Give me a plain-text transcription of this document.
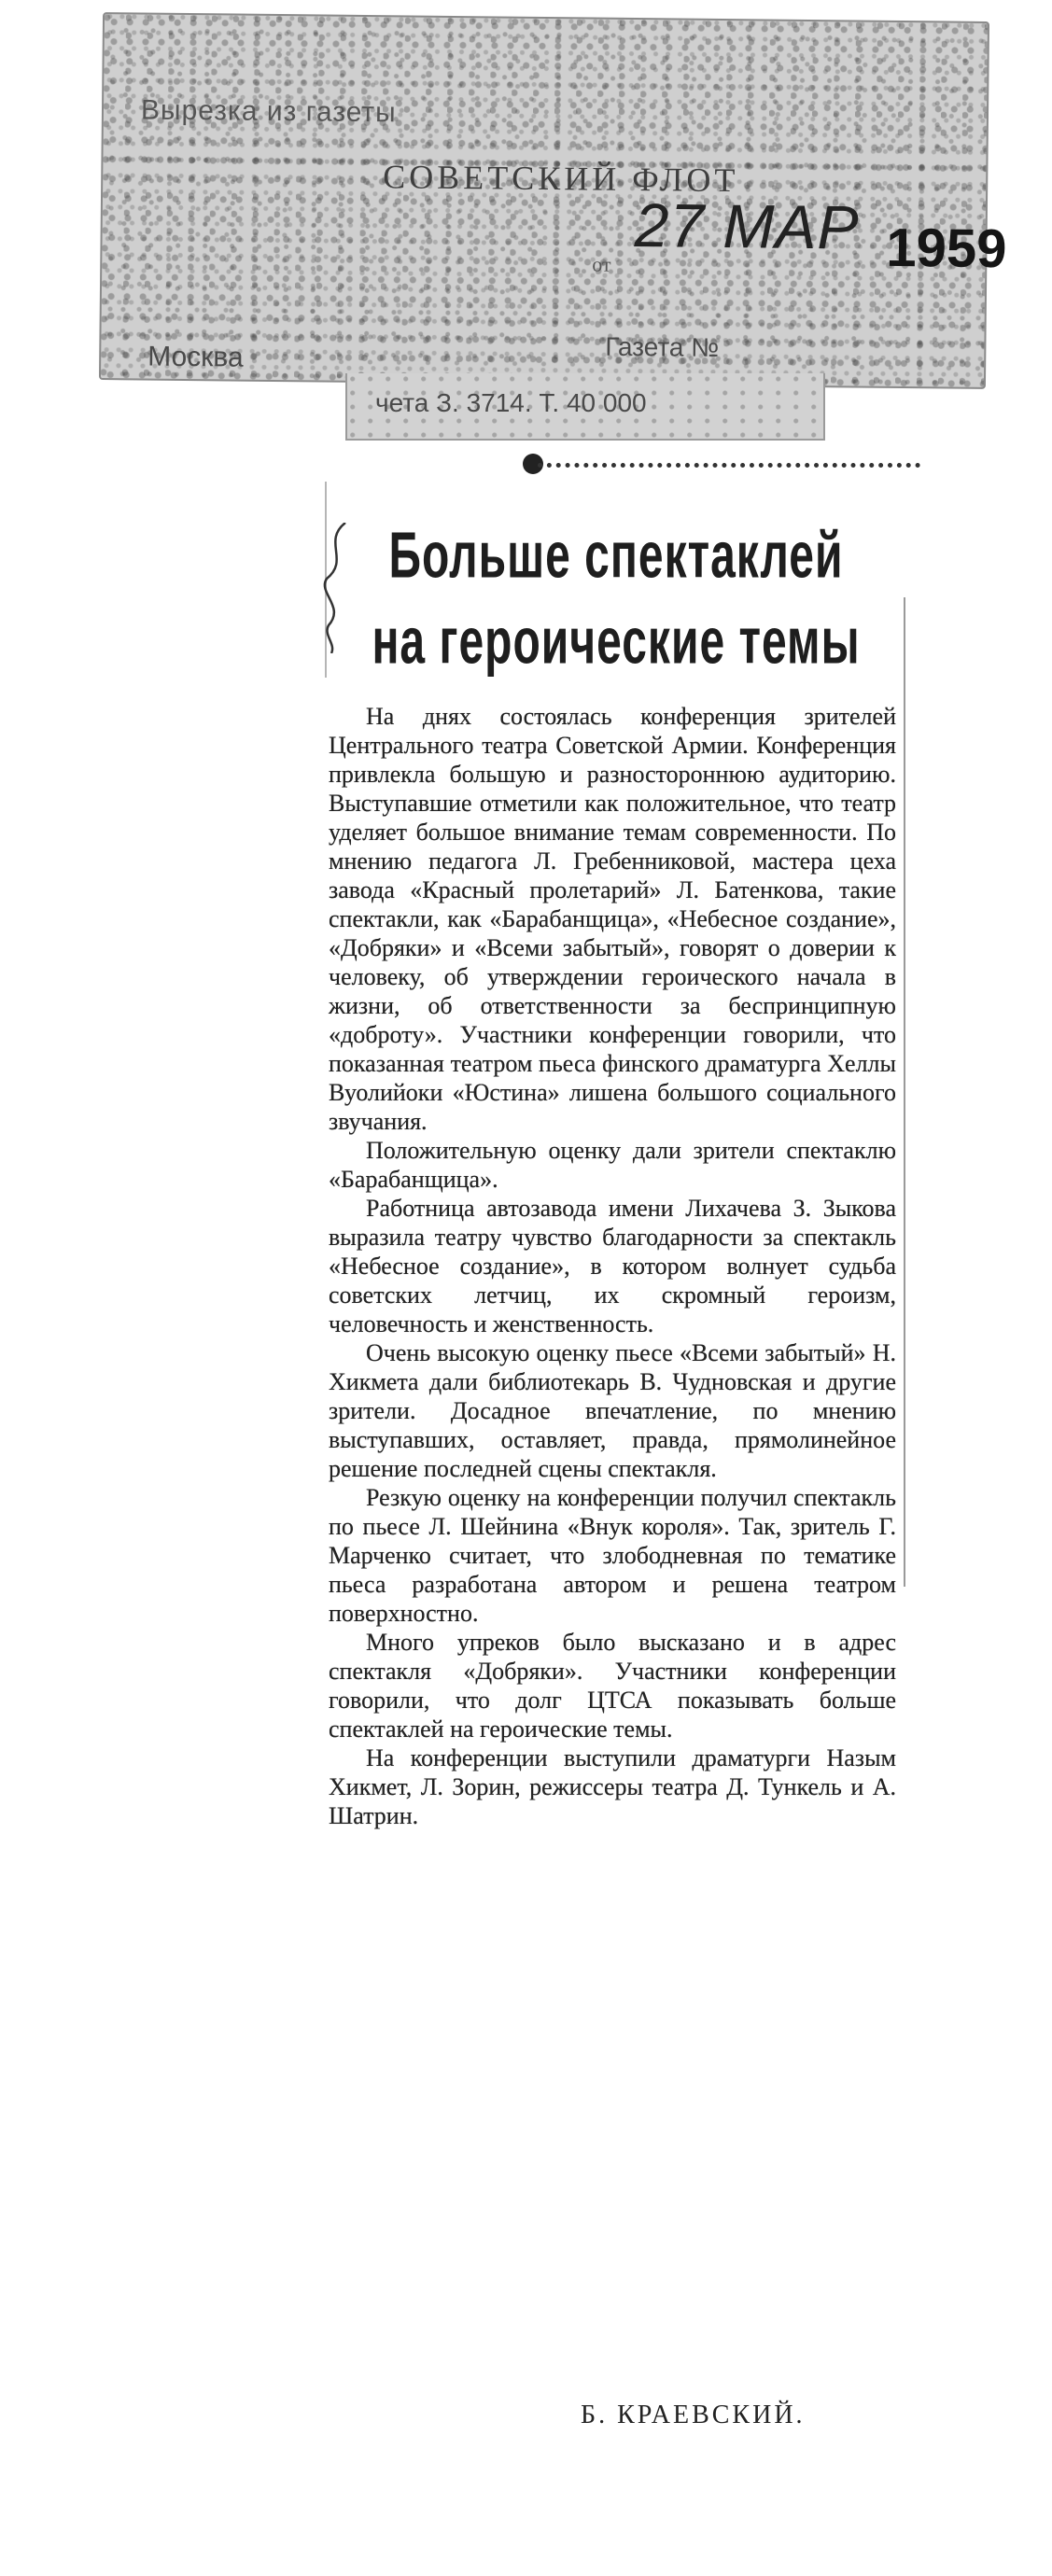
Вырезка из газеты
СОВЕТСКИЙ ФЛОТ
27 МАР 1959
от
Москва	Газета №
чета З. 3714. Т. 40 000
Больше спектаклей
на героические темы

На днях состоялась конференция зрителей Центрального театра Советской Армии. Конференция привлекла большую и разностороннюю аудиторию. Выступавшие отметили как положительное, что театр уделяет большое внимание темам современности. По мнению педагога Л. Гребенниковой, мастера цеха завода «Красный пролетарий» Л. Батенкова, такие спектакли, как «Барабанщица», «Небесное создание», «Добряки» и «Всеми забытый», говорят о доверии к человеку, об утверждении героического начала в жизни, об ответственности за беспринципную «доброту». Участники конференции говорили, что показанная театром пьеса финского драматурга Хеллы Вуолийоки «Юстина» лишена большого социального звучания.

Положительную оценку дали зрители спектаклю «Барабанщица».

Работница автозавода имени Лихачева З. Зыкова выразила театру чувство благодарности за спектакль «Небесное создание», в котором волнует судьба советских летчиц, их скромный героизм, человечность и женственность.

Очень высокую оценку пьесе «Всеми забытый» Н. Хикмета дали библиотекарь В. Чудновская и другие зрители. Досадное впечатление, по мнению выступавших, оставляет, правда, прямолинейное решение последней сцены спектакля.

Резкую оценку на конференции получил спектакль по пьесе Л. Шейнина «Внук короля». Так, зритель Г. Марченко считает, что злободневная по тематике пьеса разработана автором и решена театром поверхностно.

Много упреков было высказано и в адрес спектакля «Добряки». Участники конференции говорили, что долг ЦТСА показывать больше спектаклей на героические темы.

На конференции выступили драматурги Назым Хикмет, Л. Зорин, режиссеры театра Д. Тункель и А. Шатрин.

Б. КРАЕВСКИЙ.
